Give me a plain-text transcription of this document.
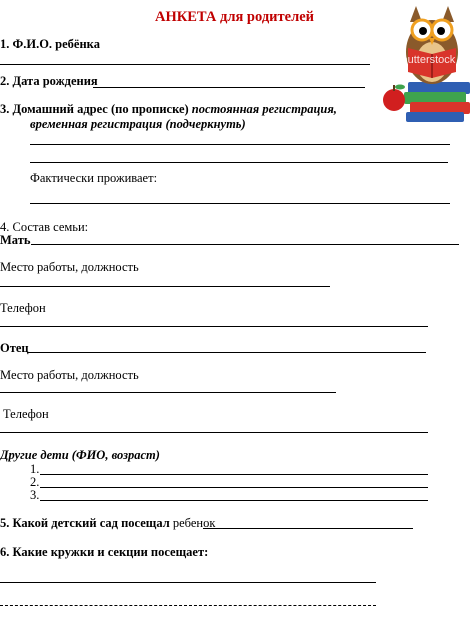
АНКЕТА для родителей
shutterstock
1. Ф.И.О. ребёнка
2. Дата рождения
3. Домашний адрес (по прописке) постоянная регистрация,
временная регистрация (подчеркнуть)
Фактически проживает:
4. Состав семьи:
Мать
Место работы, должность
Телефон
Отец
Место работы, должность
Телефон
Другие дети (ФИО, возраст)
1.
2.
3.
5. Какой детский сад посещал ребенок
6. Какие кружки и секции посещает:
